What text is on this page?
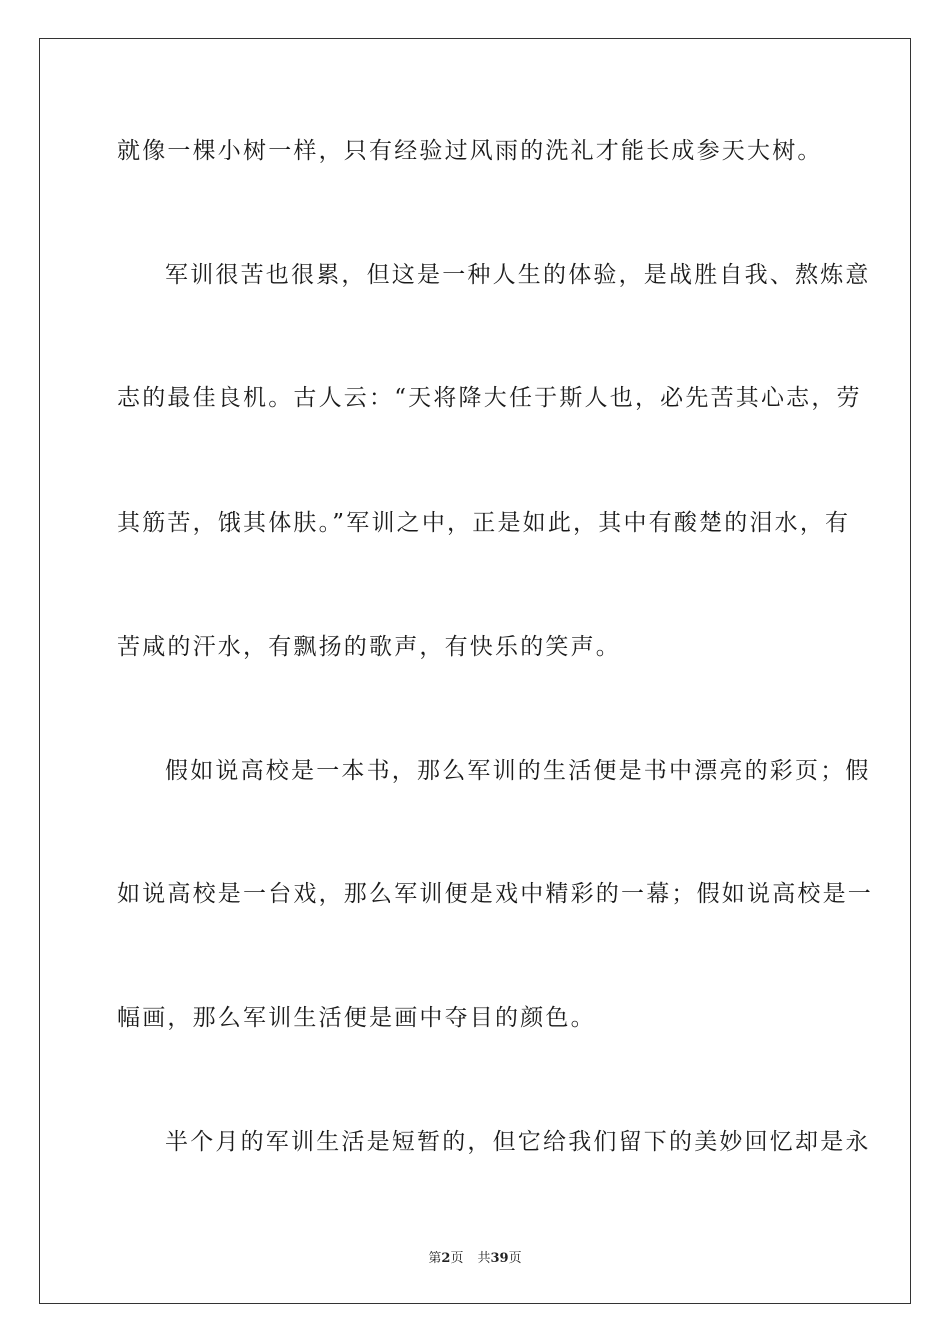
就像一棵小树一样，只有经验过风雨的洗礼才能长成参天大树。
军训很苦也很累，但这是一种人生的体验，是战胜自我、熬炼意
志的最佳良机。古人云：“天将降大任于斯人也，必先苦其心志，劳
其筋苦，饿其体肤。”军训之中，正是如此，其中有酸楚的泪水，有
苦咸的汗水，有飘扬的歌声，有快乐的笑声。
假如说高校是一本书，那么军训的生活便是书中漂亮的彩页；假
如说高校是一台戏，那么军训便是戏中精彩的一幕；假如说高校是一
幅画，那么军训生活便是画中夺目的颜色。
半个月的军训生活是短暂的，但它给我们留下的美妙回忆却是永
第2页 共39页
